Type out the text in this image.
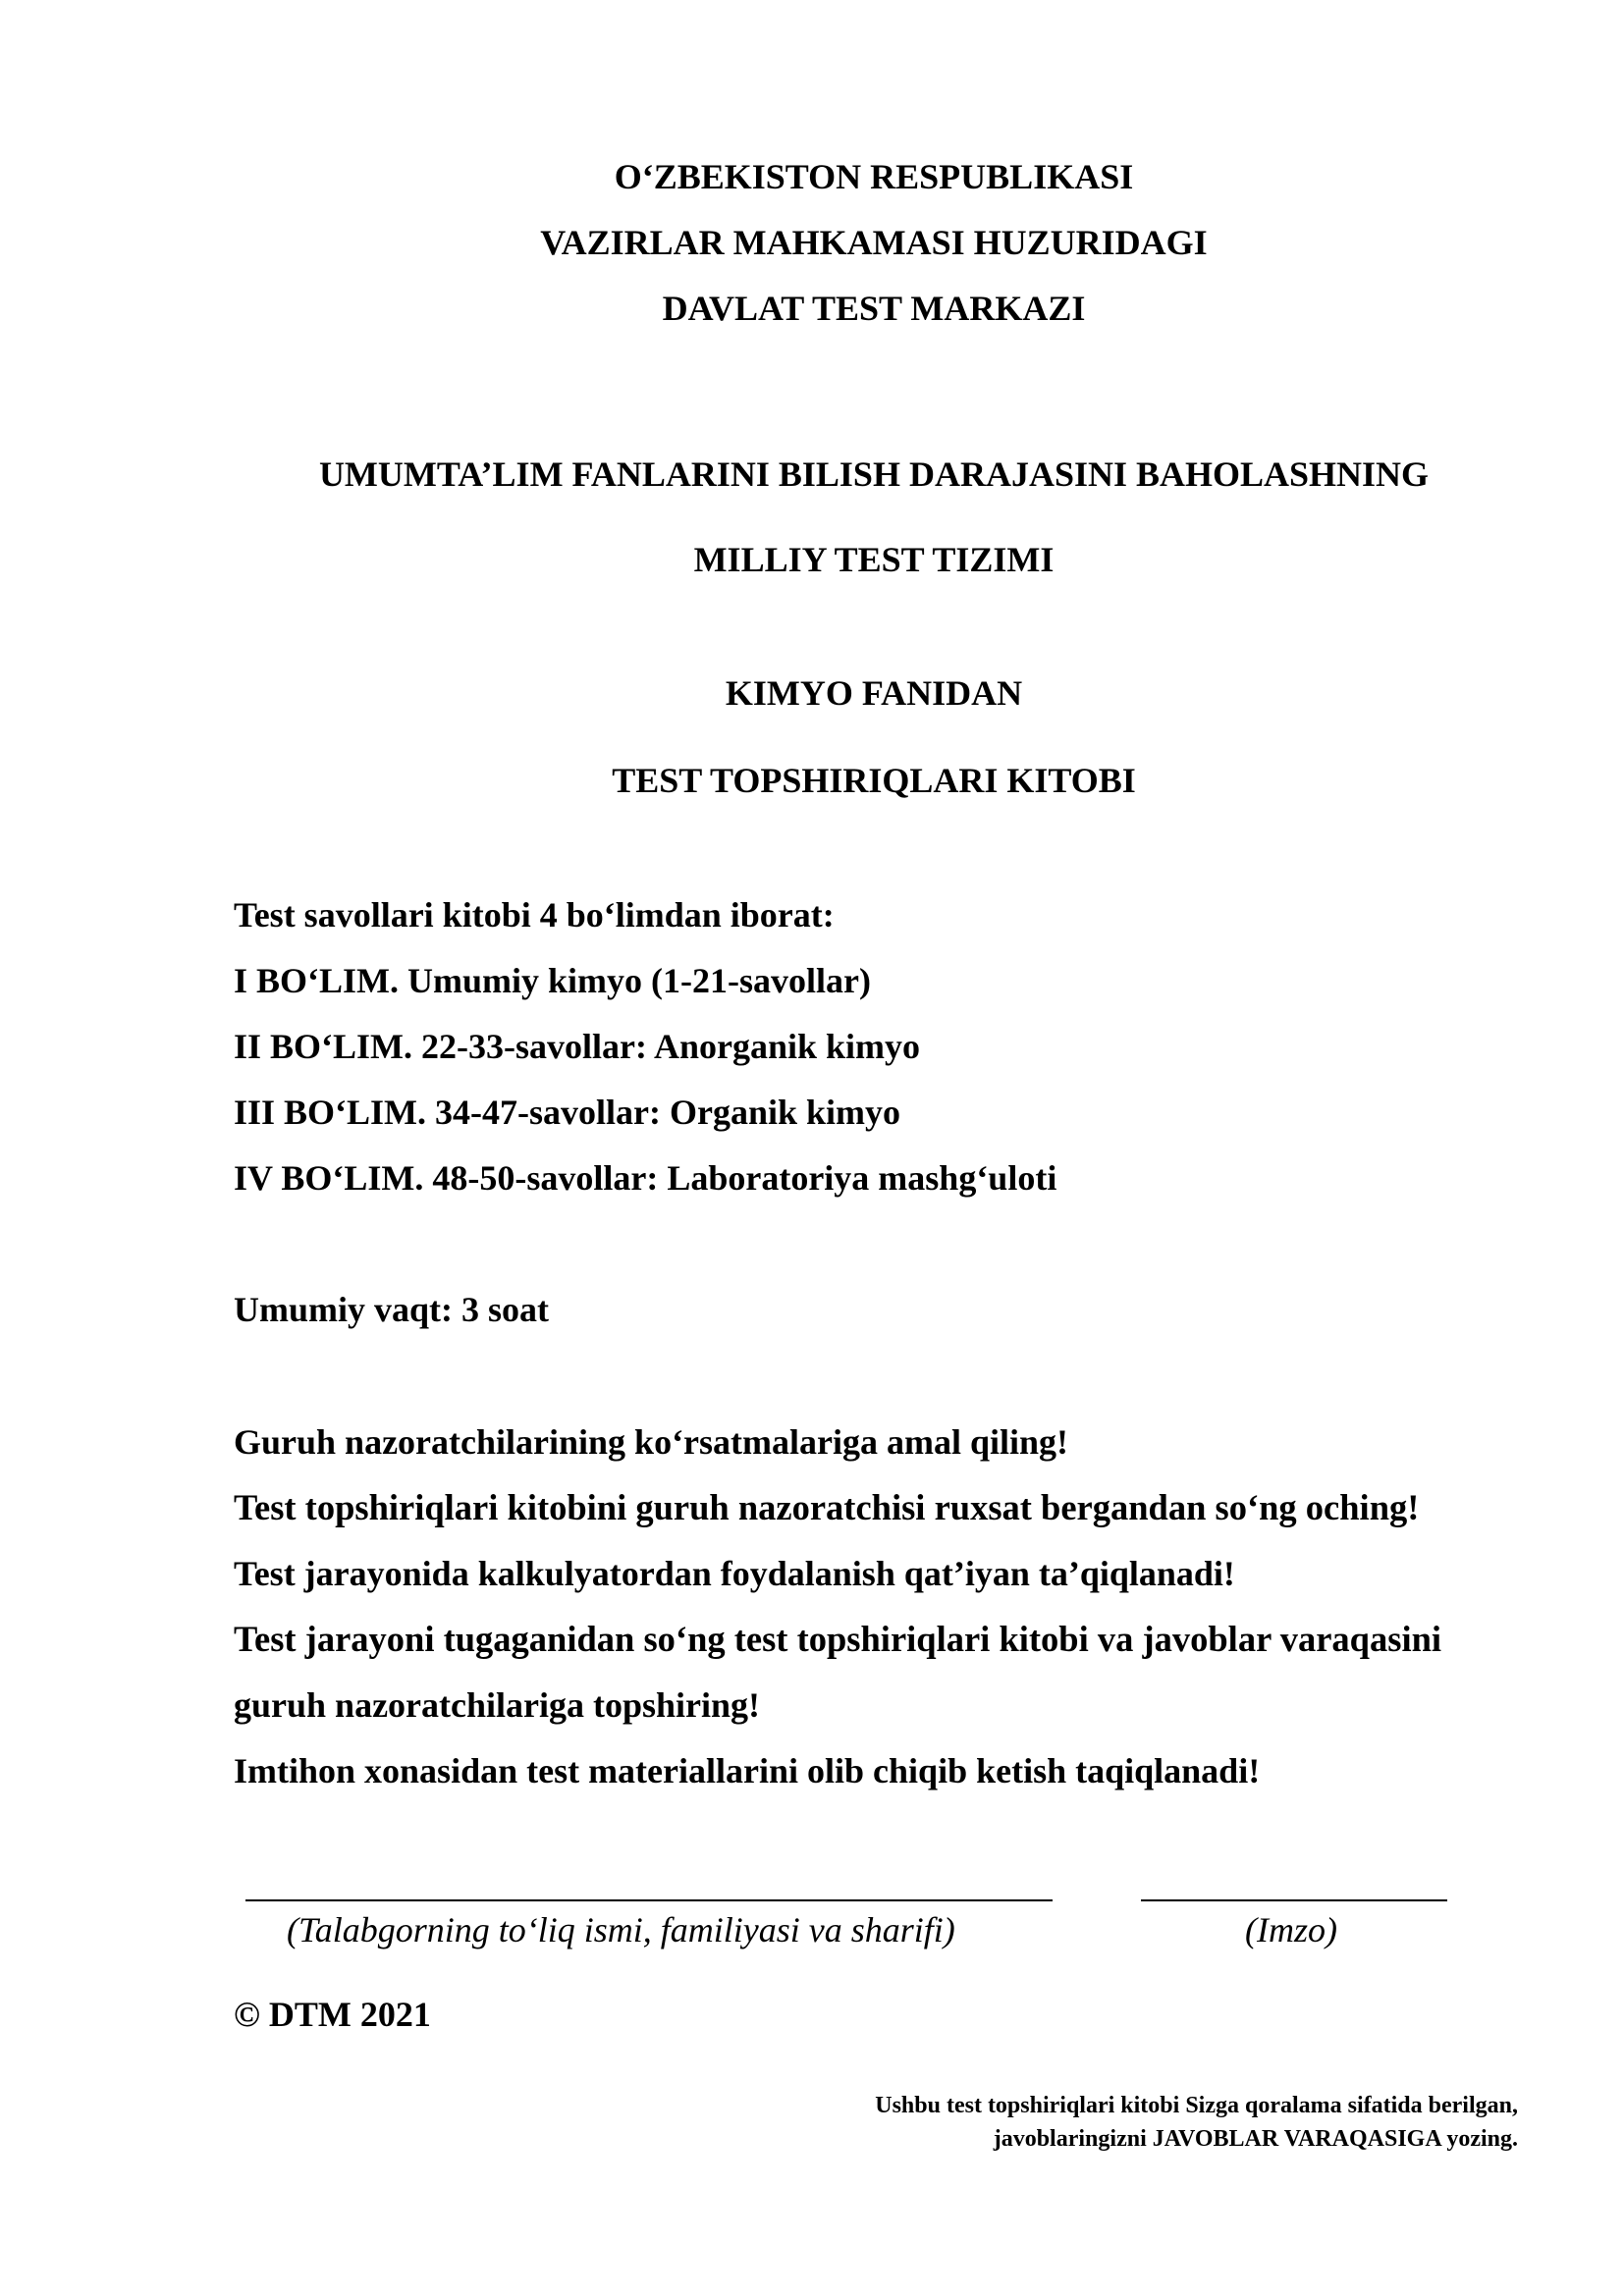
O‘ZBEKISTON RESPUBLIKASI
VAZIRLAR MAHKAMASI HUZURIDAGI
DAVLAT TEST MARKAZI
UMUMTA’LIM FANLARINI BILISH DARAJASINI BAHOLASHNING
MILLIY TEST TIZIMI
KIMYO FANIDAN
TEST TOPSHIRIQLARI KITOBI
Test savollari kitobi 4 bo‘limdan iborat:
I BO‘LIM. Umumiy kimyo (1-21-savollar)
II BO‘LIM. 22-33-savollar: Anorganik kimyo
III BO‘LIM. 34-47-savollar: Organik kimyo
IV BO‘LIM. 48-50-savollar: Laboratoriya mashg‘uloti
Umumiy vaqt: 3 soat
Guruh nazoratchilarining ko‘rsatmalariga amal qiling!
Test topshiriqlari kitobini guruh nazoratchisi ruxsat bergandan so‘ng oching!
Test jarayonida kalkulyatordan foydalanish qat’iyan ta’qiqlanadi!
Test jarayoni tugaganidan so‘ng test topshiriqlari kitobi va javoblar varaqasini
guruh nazoratchilariga topshiring!
Imtihon xonasidan test materiallarini olib chiqib ketish taqiqlanadi!
(Talabgorning to‘liq ismi, familiyasi va sharifi)	(Imzo)
© DTM 2021
Ushbu test topshiriqlari kitobi Sizga qoralama sifatida berilgan,
javoblaringizni JAVOBLAR VARAQASIGA yozing.
